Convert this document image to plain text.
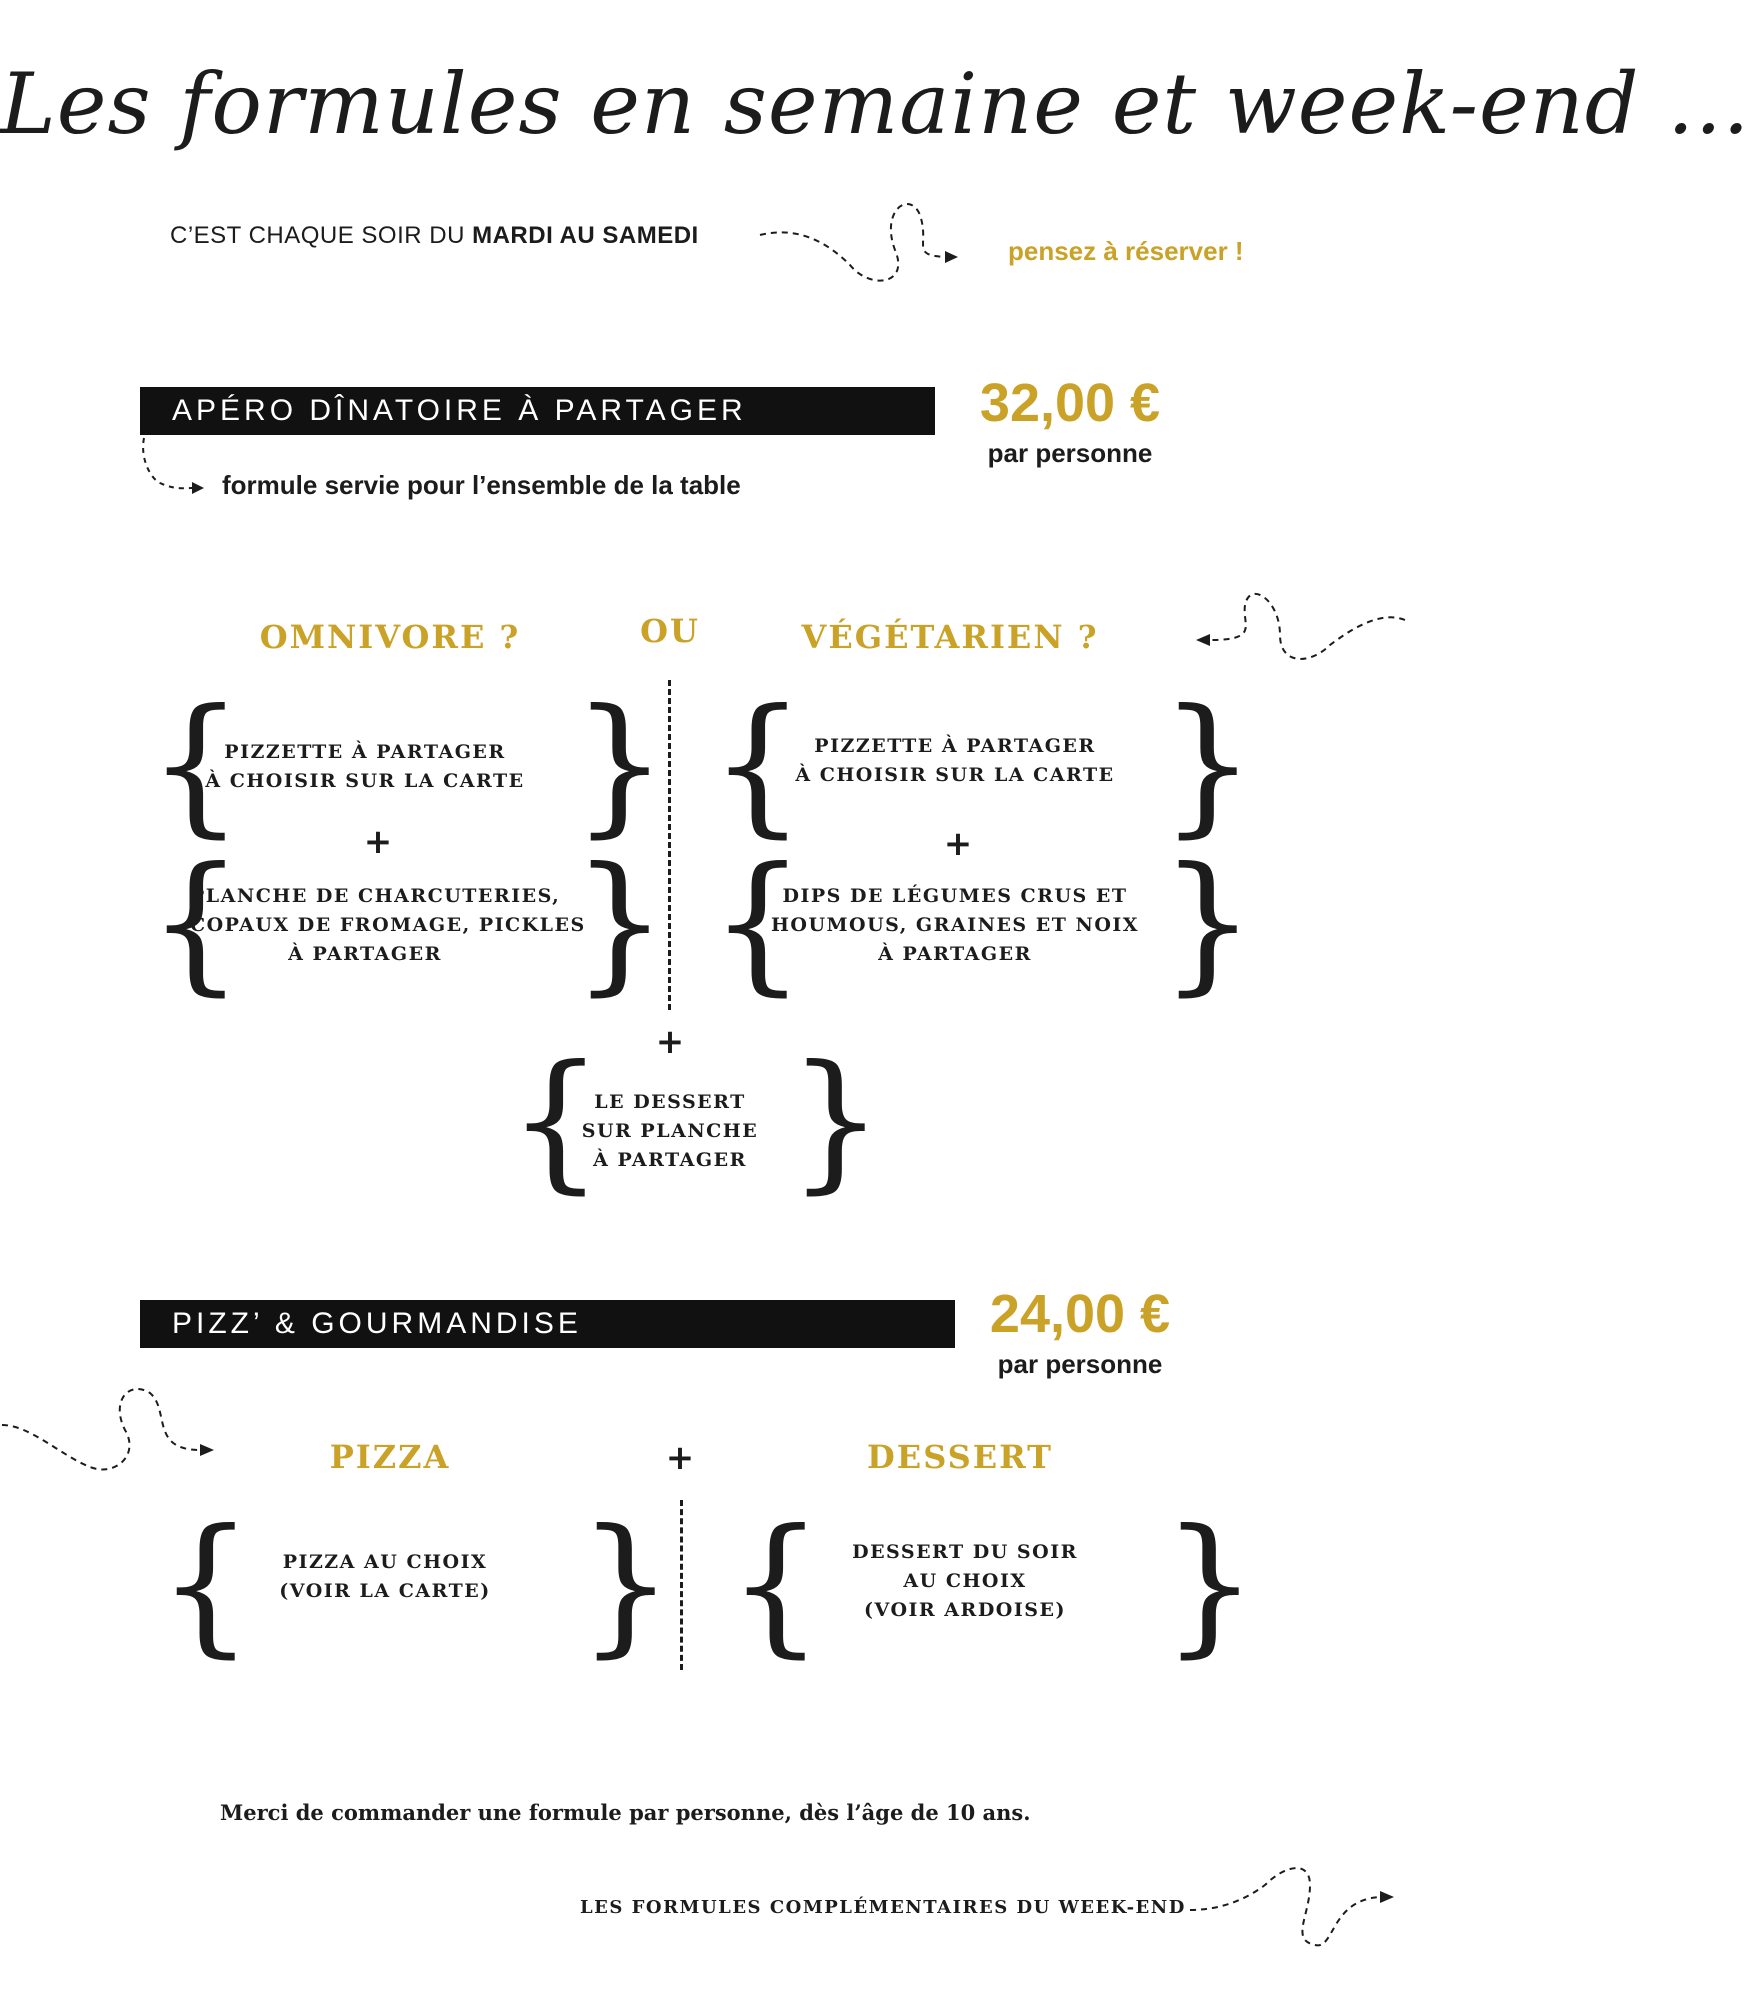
Les formules en semaine et week-end ...
C’EST CHAQUE SOIR DU MARDI AU SAMEDI
pensez à réserver !
APÉRO DÎNATOIRE À PARTAGER	32,00 €
par personne
formule servie pour l’ensemble de la table
OMNIVORE ?	OU	VÉGÉTARIEN ?
{
PIZZETTE À PARTAGER
À CHOISIR SUR LA CARTE }
+
{
PLANCHE DE CHARCUTERIES,
COPAUX DE FROMAGE, PICKLES
À PARTAGER }
{ PIZZETTE À PARTAGER
À CHOISIR SUR LA CARTE }
+
{
DIPS DE LÉGUMES CRUS ET
HOUMOUS, GRAINES ET NOIX
À PARTAGER }
+
{
LE DESSERT
SUR PLANCHE
À PARTAGER }
PIZZ’ & GOURMANDISE	24,00 €
par personne
PIZZA	+	DESSERT
{	PIZZA AU CHOIX
(VOIR LA CARTE) } {	DESSERT DU SOIR
AU CHOIX
(VOIR ARDOISE) }
Merci de commander une formule par personne, dès l’âge de 10 ans.
LES FORMULES COMPLÉMENTAIRES DU WEEK-END
